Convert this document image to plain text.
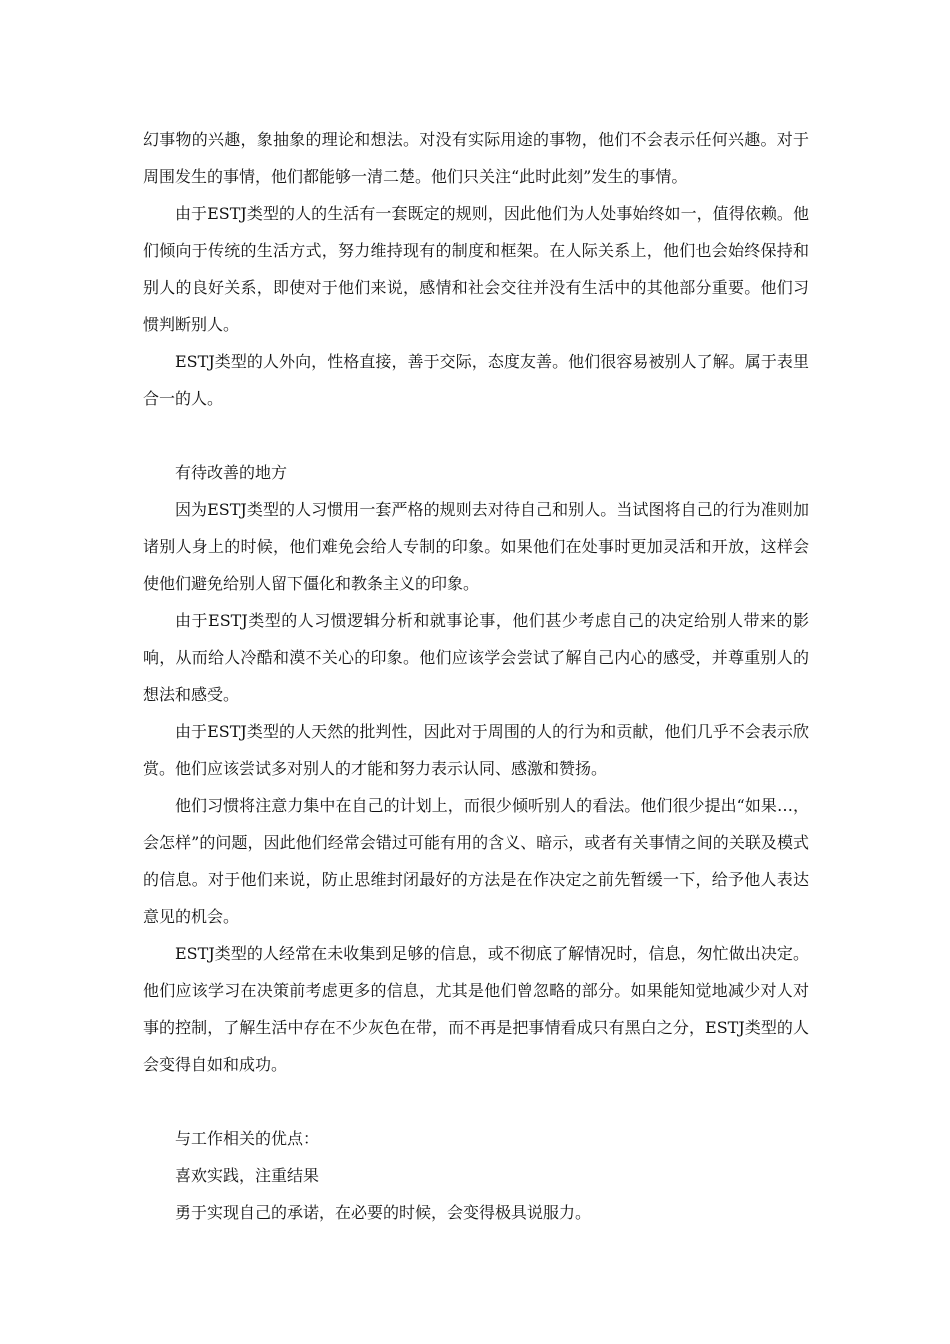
幻事物的兴趣，象抽象的理论和想法。对没有实际用途的事物，他们不会表示任何兴趣。对于周围发生的事情，他们都能够一清二楚。他们只关注“此时此刻”发生的事情。

由于ESTJ类型的人的生活有一套既定的规则，因此他们为人处事始终如一，值得依赖。他们倾向于传统的生活方式，努力维持现有的制度和框架。在人际关系上，他们也会始终保持和别人的良好关系，即使对于他们来说，感情和社会交往并没有生活中的其他部分重要。他们习惯判断别人。

ESTJ类型的人外向，性格直接，善于交际，态度友善。他们很容易被别人了解。属于表里合一的人。

有待改善的地方

因为ESTJ类型的人习惯用一套严格的规则去对待自己和别人。当试图将自己的行为准则加诸别人身上的时候，他们难免会给人专制的印象。如果他们在处事时更加灵活和开放，这样会使他们避免给别人留下僵化和教条主义的印象。

由于ESTJ类型的人习惯逻辑分析和就事论事，他们甚少考虑自己的决定给别人带来的影响，从而给人冷酷和漠不关心的印象。他们应该学会尝试了解自己内心的感受，并尊重别人的想法和感受。

由于ESTJ类型的人天然的批判性，因此对于周围的人的行为和贡献，他们几乎不会表示欣赏。他们应该尝试多对别人的才能和努力表示认同、感激和赞扬。

他们习惯将注意力集中在自己的计划上，而很少倾听别人的看法。他们很少提出“如果…，会怎样”的问题，因此他们经常会错过可能有用的含义、暗示，或者有关事情之间的关联及模式的信息。对于他们来说，防止思维封闭最好的方法是在作决定之前先暂缓一下，给予他人表达意见的机会。

ESTJ类型的人经常在未收集到足够的信息，或不彻底了解情况时，信息，匆忙做出决定。他们应该学习在决策前考虑更多的信息，尤其是他们曾忽略的部分。如果能知觉地减少对人对事的控制，了解生活中存在不少灰色在带，而不再是把事情看成只有黑白之分，ESTJ类型的人会变得自如和成功。

与工作相关的优点：

喜欢实践，注重结果

勇于实现自己的承诺，在必要的时候，会变得极具说服力。
